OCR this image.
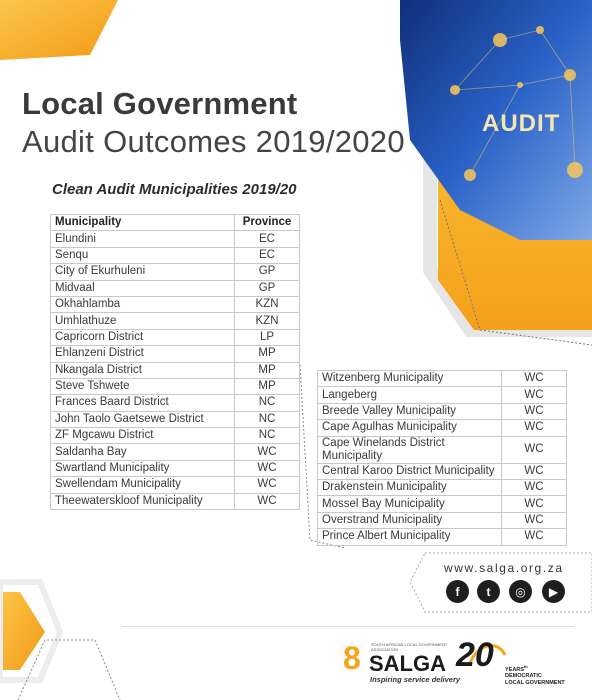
AUDIT
Local Government
Audit Outcomes 2019/2020
Clean Audit Municipalities 2019/20
Municipality	Province
Elundini	EC
Senqu	EC
City of Ekurhuleni	GP
Midvaal	GP
Okhahlamba	KZN
Umhlathuze	KZN
Capricorn District	LP
Ehlanzeni District	MP
Nkangala District	MP
Steve Tshwete	MP
Frances Baard District	NC
John Taolo Gaetsewe District	NC
ZF Mgcawu District	NC
Saldanha Bay	WC
Swartland Municipality	WC
Swellendam Municipality	WC
Theewaterskloof Municipality	WC
Witzenberg Municipality	WC
Langeberg	WC
Breede Valley Municipality	WC
Cape Agulhas Municipality	WC
Cape Winelands District Municipality	WC
Central Karoo District Municipality	WC
Drakenstein Municipality	WC
Mossel Bay Municipality	WC
Overstrand Municipality	WC
Prince Albert Municipality	WC
www.salga.org.za
f	t	◎	▶
8	SOUTH AFRICAN LOCAL GOVERNMENT ASSOCIATION
SALGA
Inspiring service delivery
20 $YEARS^{th}$
DEMOCRATIC
LOCAL GOVERNMENT
